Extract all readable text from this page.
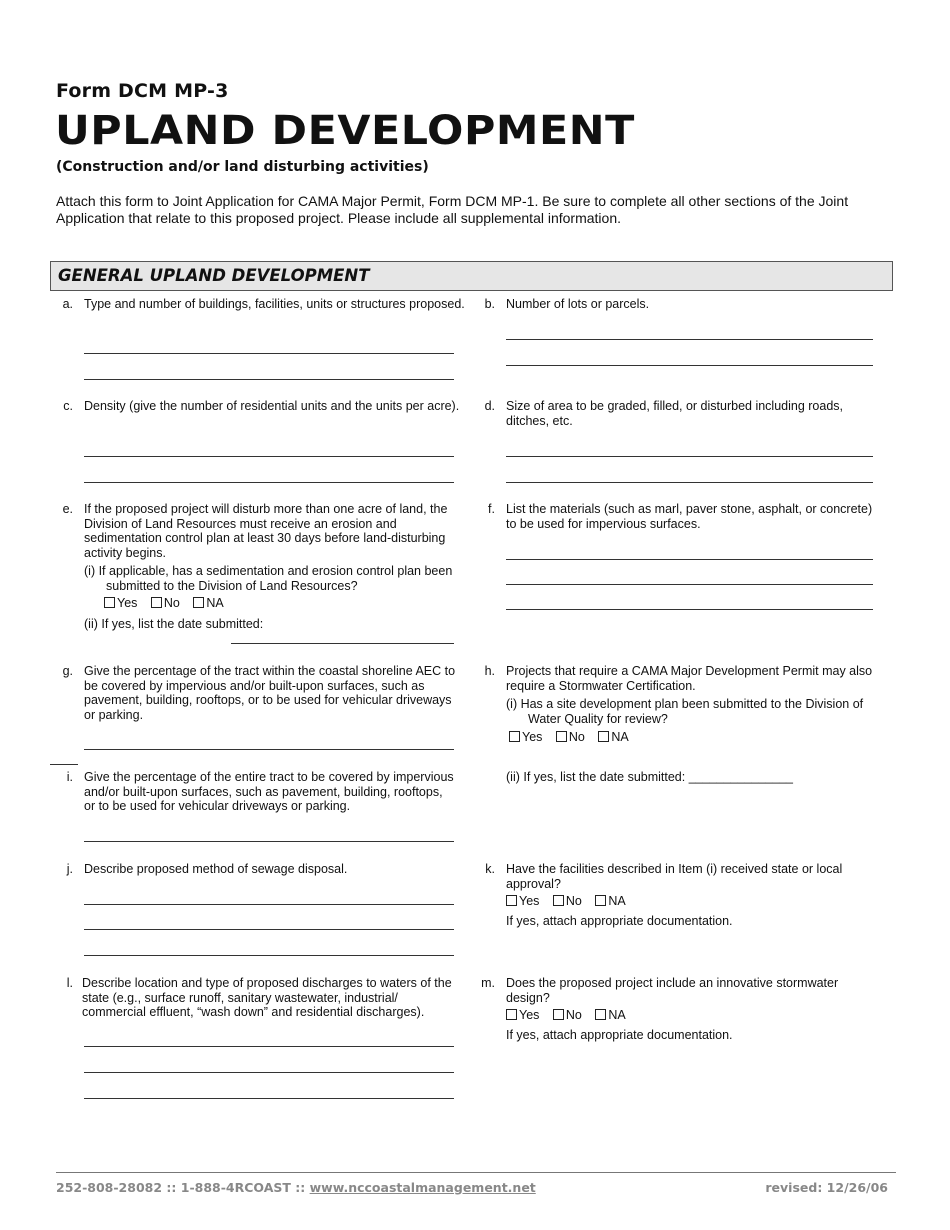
Form DCM MP-3
UPLAND DEVELOPMENT
(Construction and/or land disturbing activities)
Attach this form to Joint Application for CAMA Major Permit, Form DCM MP-1. Be sure to complete all other sections of the Joint Application that relate to this proposed project. Please include all supplemental information.
GENERAL UPLAND DEVELOPMENT
a. Type and number of buildings, facilities, units or structures proposed.	b. Number of lots or parcels.
c. Density (give the number of residential units and the units per acre).	d. Size of area to be graded, filled, or disturbed including roads, ditches, etc.
e. If the proposed project will disturb more than one acre of land, the Division of Land Resources must receive an erosion and sedimentation control plan at least 30 days before land-disturbing activity begins.
(i) If applicable, has a sedimentation and erosion control plan been submitted to the Division of Land Resources?
Yes No NA
(ii) If yes, list the date submitted:
f. List the materials (such as marl, paver stone, asphalt, or concrete) to be used for impervious surfaces.
g. Give the percentage of the tract within the coastal shoreline AEC to be covered by impervious and/or built-upon surfaces, such as pavement, building, rooftops, or to be used for vehicular driveways or parking.
h. Projects that require a CAMA Major Development Permit may also require a Stormwater Certification.
(i) Has a site development plan been submitted to the Division of Water Quality for review?
Yes No NA
(ii) If yes, list the date submitted: _______________
i. Give the percentage of the entire tract to be covered by impervious and/or built-upon surfaces, such as pavement, building, rooftops, or to be used for vehicular driveways or parking.
j. Describe proposed method of sewage disposal.	k. Have the facilities described in Item (i) received state or local approval?
Yes No NA
If yes, attach appropriate documentation.
l. Describe location and type of proposed discharges to waters of the state (e.g., surface runoff, sanitary wastewater, industrial/ commercial effluent, “wash down” and residential discharges).
m. Does the proposed project include an innovative stormwater design?
Yes No NA
If yes, attach appropriate documentation.
252-808-28082 :: 1-888-4RCOAST :: www.nccoastalmanagement.net	revised: 12/26/06
